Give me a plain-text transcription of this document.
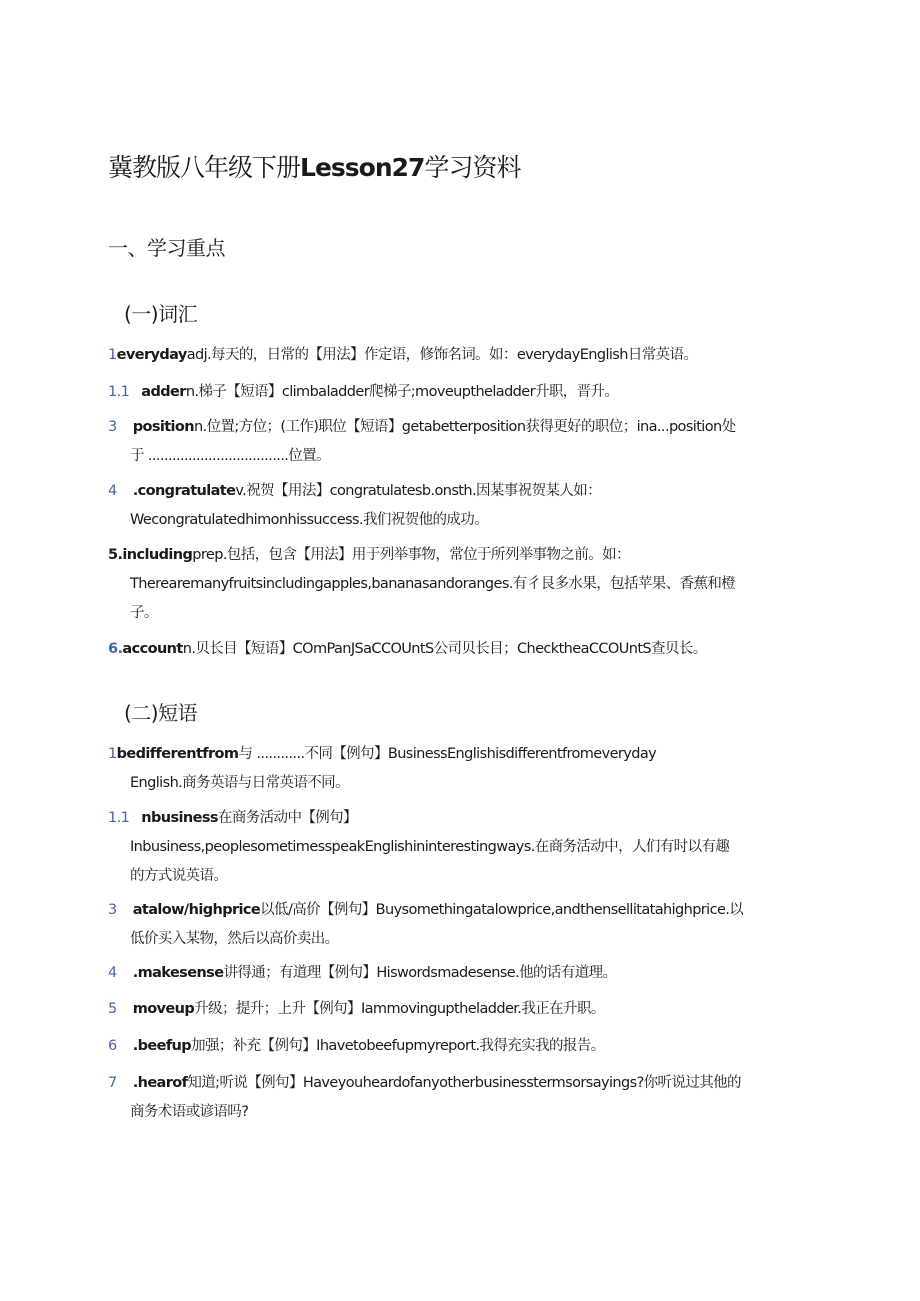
冀教版八年级下册Lesson27学习资料
一、学习重点
(一)词汇
1everydayadj.每天的，日常的【用法】作定语，修饰名词。如：everydayEnglish日常英语。
1.1 addern.梯子【短语】climbaladder爬梯子;moveuptheladder升职，晋升。
3 positionn.位置;方位；(工作)职位【短语】getabetterposition获得更好的职位；ina...position处
于 ...................................位置。
4 .congratulatev.祝贺【用法】congratulatesb.onsth.因某事祝贺某人如：
Wecongratulatedhimonhissuccess.我们祝贺他的成功。
5.includingprep.包括，包含【用法】用于列举事物，常位于所列举事物之前。如：
Therearemanyfruitsincludingapples,bananasandoranges.有彳艮多水果，包括苹果、香蕉和橙
子。
6.accountn.贝长目【短语】COmPanJSaCCOUntS公司贝长目；ChecktheaCCOUntS查贝长。
(二)短语
1bedifferentfrom与 ............不同【例句】BusinessEnglishisdifferentfromeveryday
English.商务英语与日常英语不同。
1.1 nbusiness在商务活动中【例句】
Inbusiness,peoplesometimesspeakEnglishininterestingways.在商务活动中，人们有时以有趣
的方式说英语。
3 atalow/highprice以低/高价【例句】Buysomethingatalowprice,andthensellitatahighprice.以
低价买入某物，然后以高价卖出。
4 .makesense讲得通；有道理【例句】Hiswordsmadesense.他的话有道理。
5 moveup升级；提升；上升【例句】Iammovinguptheladder.我正在升职。
6 .beefup加强；补充【例句】Ihavetobeefupmyreport.我得充实我的报告。
7 .hearof知道;听说【例句】Haveyouheardofanyotherbusinesstermsorsayings?你听说过其他的
商务术语或谚语吗?
